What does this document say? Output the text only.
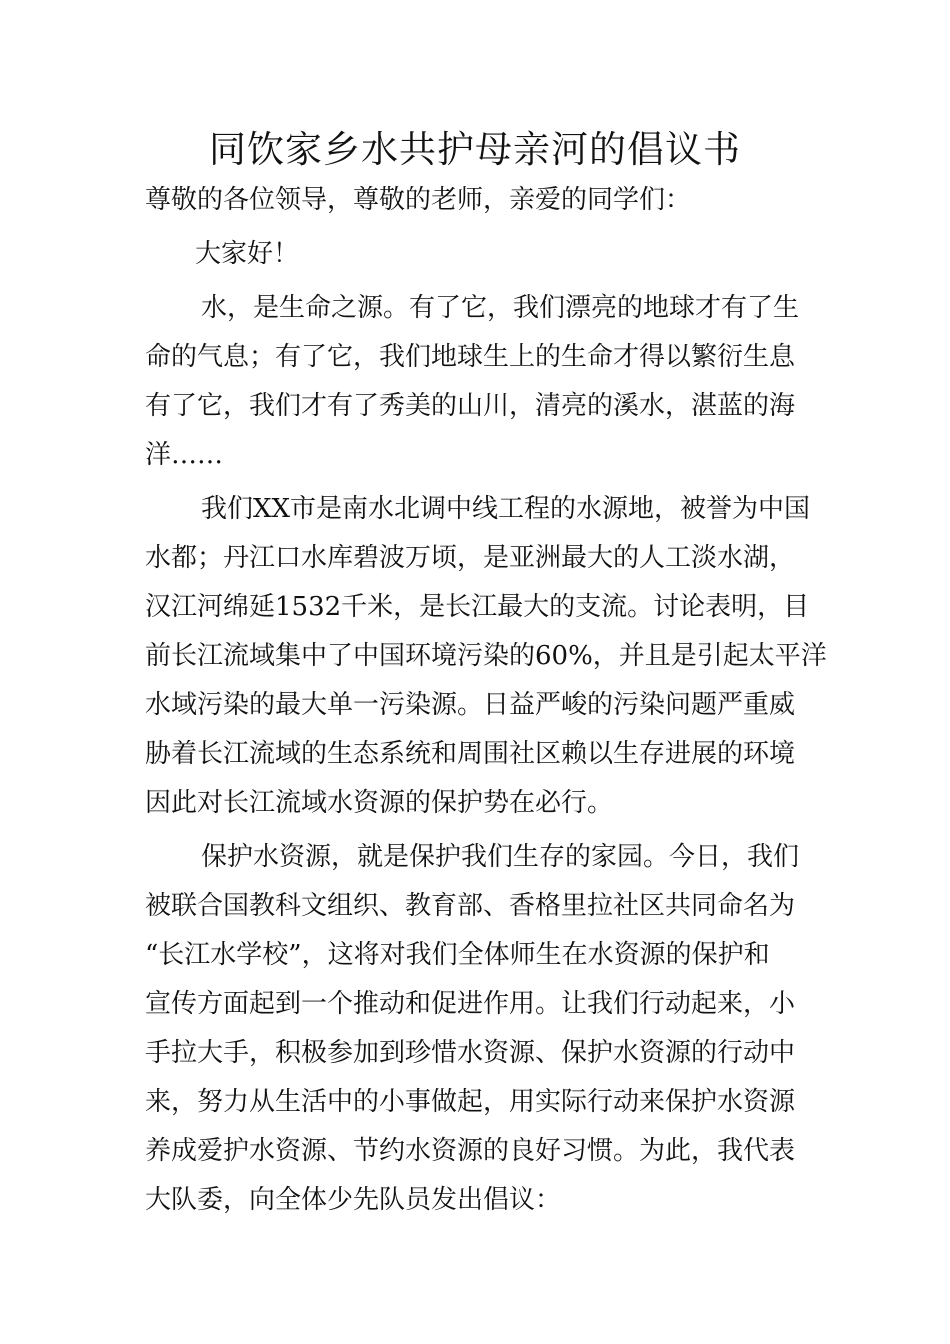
同饮家乡水共护母亲河的倡议书

尊敬的各位领导，尊敬的老师，亲爱的同学们：

大家好！

水，是生命之源。有了它，我们漂亮的地球才有了生

命的气息；有了它，我们地球生上的生命才得以繁衍生息

有了它，我们才有了秀美的山川，清亮的溪水，湛蓝的海

洋……

我们XX市是南水北调中线工程的水源地，被誉为中国

水都；丹江口水库碧波万顷，是亚洲最大的人工淡水湖，

汉江河绵延1532千米，是长江最大的支流。讨论表明，目

前长江流域集中了中国环境污染的60%，并且是引起太平洋

水域污染的最大单一污染源。日益严峻的污染问题严重威

胁着长江流域的生态系统和周围社区赖以生存进展的环境

因此对长江流域水资源的保护势在必行。

保护水资源，就是保护我们生存的家园。今日，我们

被联合国教科文组织、教育部、香格里拉社区共同命名为

“长江水学校”，这将对我们全体师生在水资源的保护和

宣传方面起到一个推动和促进作用。让我们行动起来，小

手拉大手，积极参加到珍惜水资源、保护水资源的行动中

来，努力从生活中的小事做起，用实际行动来保护水资源

养成爱护水资源、节约水资源的良好习惯。为此，我代表

大队委，向全体少先队员发出倡议：
